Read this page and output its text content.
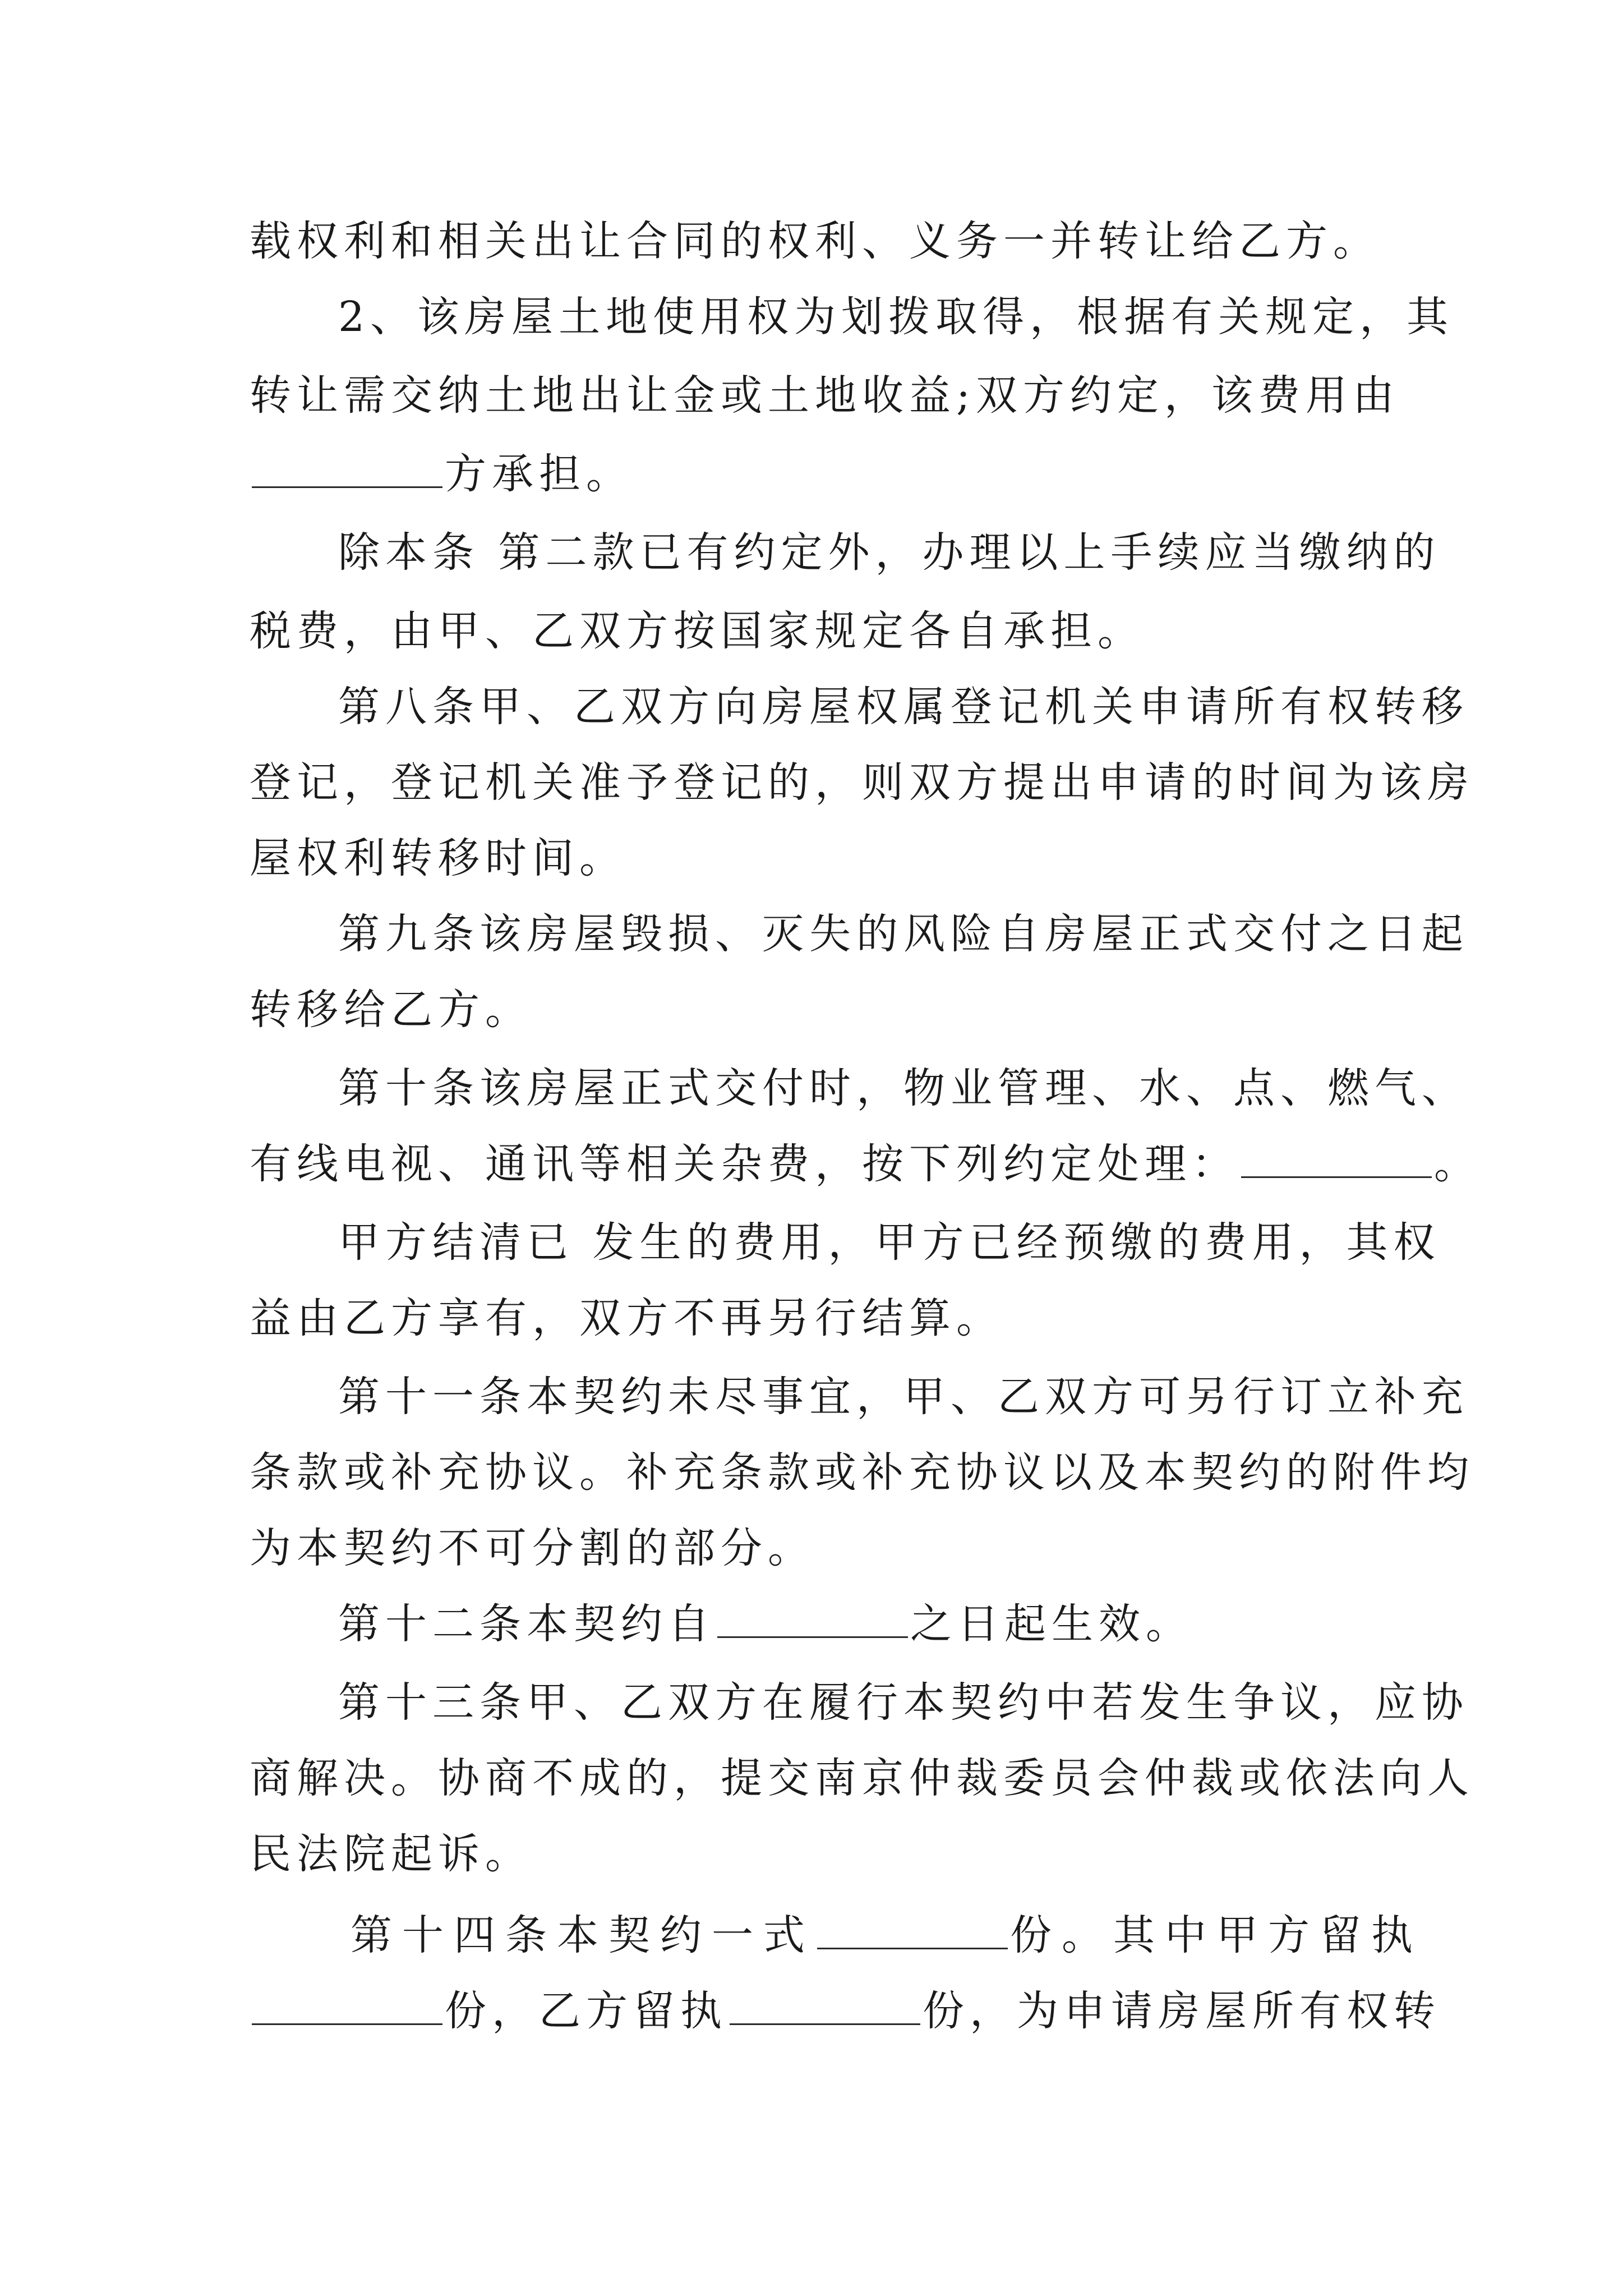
载权利和相关出让合同的权利、义务一并转让给乙方。
2、该房屋土地使用权为划拨取得，根据有关规定，其
转让需交纳土地出让金或土地收益;双方约定，该费用由
方承担。
除本条 第二款已有约定外，办理以上手续应当缴纳的
税费，由甲、乙双方按国家规定各自承担。
第八条甲、乙双方向房屋权属登记机关申请所有权转移
登记，登记机关准予登记的，则双方提出申请的时间为该房
屋权利转移时间。
第九条该房屋毁损、灭失的风险自房屋正式交付之日起
转移给乙方。
第十条该房屋正式交付时，物业管理、水、点、燃气、
有线电视、通讯等相关杂费，按下列约定处理：	。
甲方结清已 发生的费用，甲方已经预缴的费用，其权
益由乙方享有，双方不再另行结算。
第十一条本契约未尽事宜，甲、乙双方可另行订立补充
条款或补充协议。补充条款或补充协议以及本契约的附件均
为本契约不可分割的部分。
第十二条本契约自	之日起生效。
第十三条甲、乙双方在履行本契约中若发生争议，应协
商解决。协商不成的，提交南京仲裁委员会仲裁或依法向人
民法院起诉。
第十四条本契约一式	份。其中甲方留执
份，乙方留执	份，为申请房屋所有权转
